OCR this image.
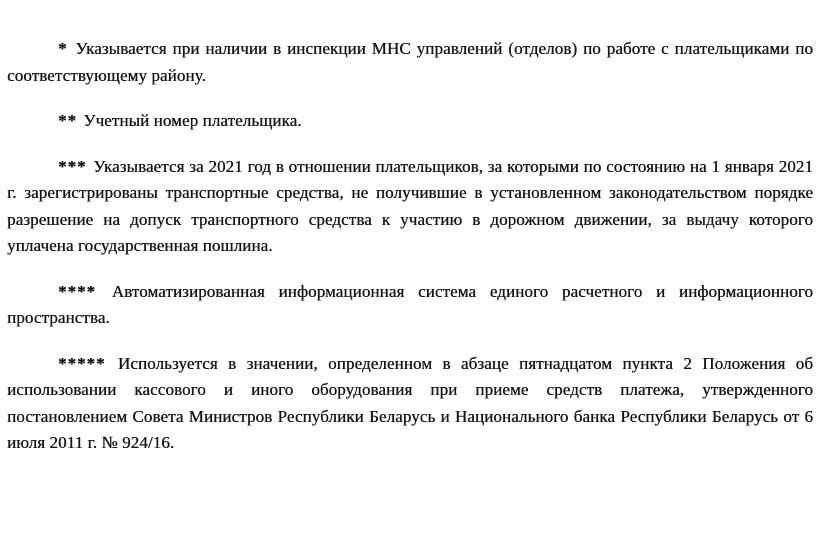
* Указывается при наличии в инспекции МНС управлений (отделов) по работе с плательщиками по соответствующему району.

** Учетный номер плательщика.

*** Указывается за 2021 год в отношении плательщиков, за которыми по состоянию на 1 января 2021 г. зарегистрированы транспортные средства, не получившие в установленном законодательством порядке разрешение на допуск транспортного средства к участию в дорожном движении, за выдачу которого уплачена государственная пошлина.

**** Автоматизированная информационная система единого расчетного и информационного пространства.

***** Используется в значении, определенном в абзаце пятнадцатом пункта 2 Положения об использовании кассового и иного оборудования при приеме средств платежа, утвержденного постановлением Совета Министров Республики Беларусь и Национального банка Республики Беларусь от 6 июля 2011 г. № 924/16.
